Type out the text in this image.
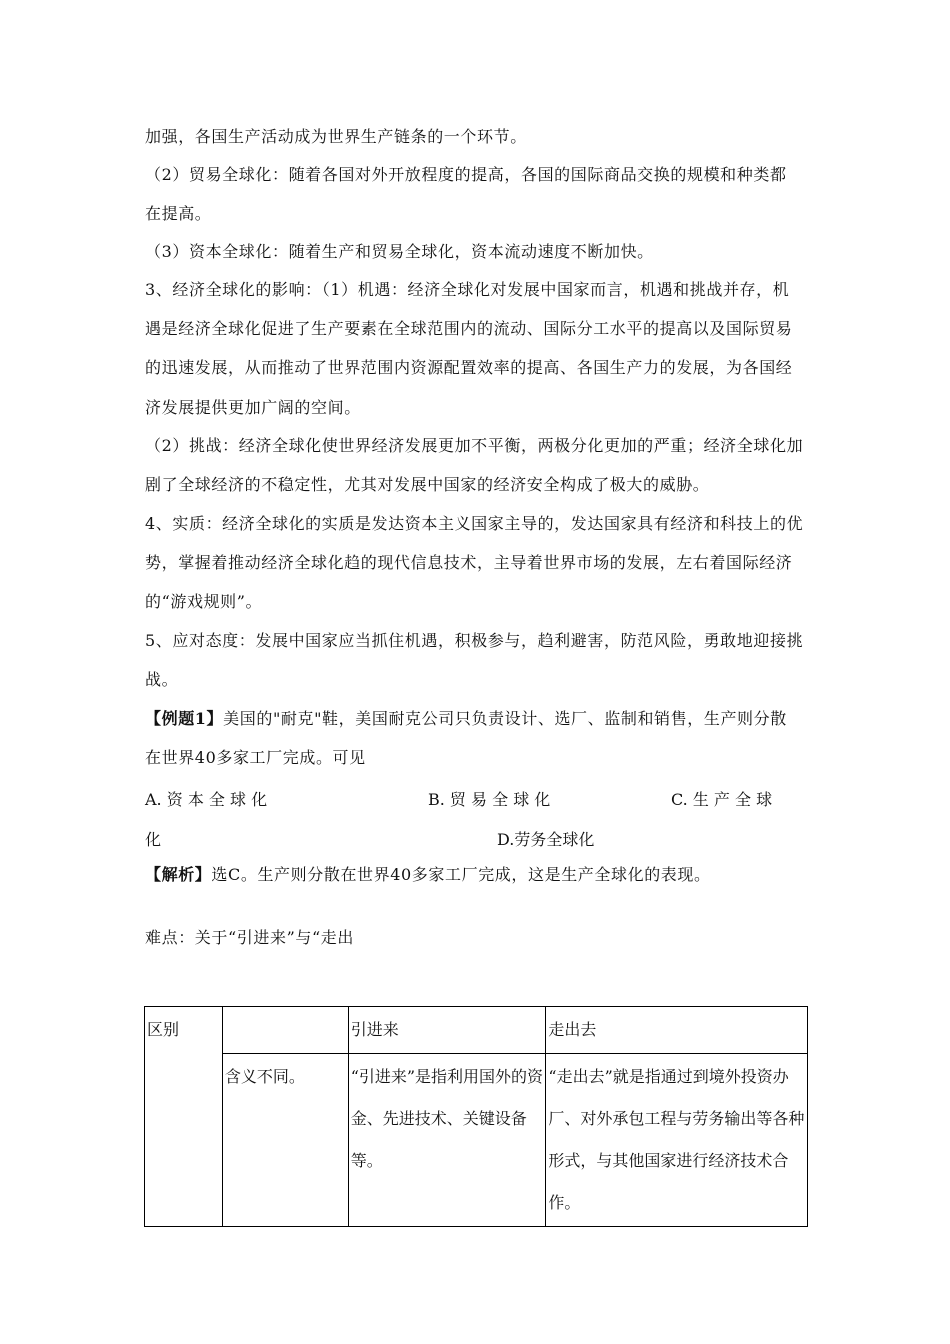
加强，各国生产活动成为世界生产链条的一个环节。
（2）贸易全球化：随着各国对外开放程度的提高，各国的国际商品交换的规模和种类都
在提高。
（3）资本全球化：随着生产和贸易全球化，资本流动速度不断加快。
3、经济全球化的影响：（1）机遇：经济全球化对发展中国家而言，机遇和挑战并存，机
遇是经济全球化促进了生产要素在全球范围内的流动、国际分工水平的提高以及国际贸易
的迅速发展，从而推动了世界范围内资源配置效率的提高、各国生产力的发展，为各国经
济发展提供更加广阔的空间。
（2）挑战：经济全球化使世界经济发展更加不平衡，两极分化更加的严重；经济全球化加
剧了全球经济的不稳定性，尤其对发展中国家的经济安全构成了极大的威胁。
4、实质：经济全球化的实质是发达资本主义国家主导的，发达国家具有经济和科技上的优
势，掌握着推动经济全球化趋的现代信息技术，主导着世界市场的发展，左右着国际经济
的“游戏规则”。
5、应对态度：发展中国家应当抓住机遇，积极参与，趋利避害，防范风险，勇敢地迎接挑
战。
【例题1】美国的"耐克"鞋，美国耐克公司只负责设计、选厂、监制和销售，生产则分散
在世界40多家工厂完成。可见
A. 资 本 全 球 化	B. 贸 易 全 球 化	C. 生 产 全 球
化	D.劳务全球化
【解析】选C。生产则分散在世界40多家工厂完成，这是生产全球化的表现。
难点：关于“引进来”与“走出
区别		引进来	走出去
	含义不同。	“引进来”是指利用国外的资金、先进技术、关键设备等。	“走出去”就是指通过到境外投资办厂、对外承包工程与劳务输出等各种形式，与其他国家进行经济技术合作。
